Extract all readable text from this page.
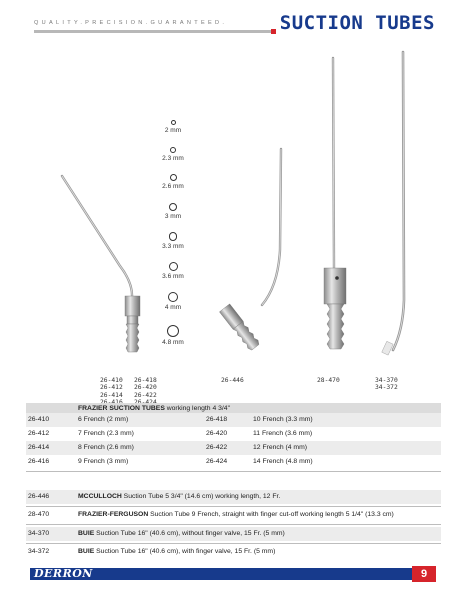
QUALITY.PRECISION.GUARANTEED.	SUCTION TUBES
2 mm
2.3 mm
2.6 mm
3 mm
3.3 mm
3.6 mm
4 mm
4.8 mm
26-410
26-412
26-414

26-418
26-420
26-422

26-446	28-470	34-370
34-372
FRAZIER SUCTION TUBES working length 4 3/4"
26-410	6 French (2 mm)	26-418	10 French (3.3 mm)
26-412	7 French (2.3 mm)	26-420	11 French (3.6 mm)
26-414	8 French (2.6 mm)	26-422	12 French (4 mm)
26-416	9 French (3 mm)	26-424	14 French (4.8 mm)
26-446	MCCULLOCH Suction Tube 5 3/4" (14.6 cm) working length, 12 Fr.
28-470	FRAZIER-FERGUSON Suction Tube 9 French, straight with finger cut-off working length 5 1/4" (13.3 cm)
34-370	BUIE Suction Tube 16" (40.6 cm), without finger valve, 15 Fr. (5 mm)
34-372	BUIE Suction Tube 16" (40.6 cm), with finger valve, 15 Fr. (5 mm)
DERRON	9
